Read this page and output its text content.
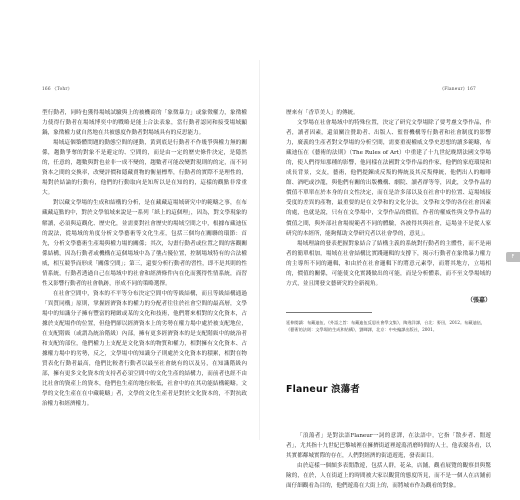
166 《Tohr》	《Flaneur》167

型行動者，同時也獲得場域試驗與上的被機商的「象徵暴力」或象徵權力，象徵權力使得行動者在場域博奕中的戰略是能上合法表象，當行動者認同和接受場域顯鍋，象徵權力就自然地在共被態度作動者對場域具有的反思能力。

場域這個築體問題的動態空間的運動，黃到底是行動者不作幾爭與權力無的關係，趨動爭奪的對象不是避定的、空間的，而是由一定的歷史條件決定，是隱然的，任意的，趨數與對也並非一成不變的，趨數者可能改變對現則的的定，而不同資本之間的交換率，改變評價和隱藏賣物的衡量標準，行動者的實際不是理性的，場對於結論的行動有，他們的行動取向是知所以是在知的的，這樣的觀點非常重大。

對以藏文學場的生成和結構的分析，是在藏藏這場域研究中的範疇之事，在布藏藏這點的中，對於文學領域來說是一系列「紙上的這個理」，因為，對文學現象的解讀，必須與這觀化、歷史化，並需要對社會歷史的場域空間之中，根據布藏迪伍的說法，從場域的角度分析文學藝術等文化生產，包括三個均在關聯的環節：首先，分析文學藝術生產場與權力場的關係；其次，勾畫行動者或位置之間的客觀關係結構，因為行動者或機構在這個場域中為了壟占優位置，控制場域特有的合法權威，相互競爭而形成「關係空間」；第三，還要分析行動者的習性，即不是其則的性情系統，行動者透過自己在場域中的社會和經濟條件內在化而獲得性情系統，而習性又影響行動者的社會軌跡，形成不同的策略選擇。

在社會空間中，資本的不平等分布決定空間中的等級結構，而且等級結構通過「異質同構」原則，掌握經濟資本的權力的分配者往往於社會空間的最高層，文學場中的知識分子擁有豐富的精緻或某的文化和技術，他們將來相對的文化資本，占據於支配場作的位置，但他們卻以經濟資本上的劣勢在權力場中處於被支配地位，在支配階級（或謂為統治階級）內部，擁有更多經濟資本的是支配階級中的統治者和支配的部位，他們權力上支配是文化資本的物質和權力，相對擁有文化資本、占據權力場中的劣勢，反之，文學場中的知識分子則處於文化資本的積累，相對在物質表化行動者最高，他們比較著行動者以最至社會統有的以及另，在知識階級內部，擁有更多文化資本的支持者必須空間中的文化生產的結構力，而前者也經不由比社會的資產上的資本，他們也生產的地位較低，社會中的在其功能結構範疇。文學的文化生產在在中藏範疇」者，文學的文化生產者是對於文化資本的，不對抗政治權力和經濟權力。

歷來有「香草美人」的傳統。

文學場在社會場域中的特殊位置，決定了研究文學場除了要考慮文學作品，作者，讀者因素，還須關注贊助者、出版人、監督機構等行動者和社會制度的影響力，廣義的生產者對文學場的分析空間，需要重視權威文學史思想的讀多範疇，布藏迪伍在《藝術的法則》（The Rules of Art）中重建了十九世紀晚期法國文學場的，使人們得知那種的影響，他同樣在法國對文學作品的作家，他們的家庭環境和成長背景，交友，藝術，他們提鍊成反叛的傳統及其反叛傳統，他們出人的咖啡館、酒吧或沙龍，與他們有關的出版機構、劇院、讀者群等等，因此，文學作品的價值不單單在於本身的自文性決定，而在是許多部以及在社會中的位置、這場域接受度的差異的產物，最重要的是在文學和的文化分法，文學和文學的各位社會因素的處，也就是說，只有在文學場中，文學作品的價值，作者的權威性與文學作品的價值之間，與外部社會場規範者不同的體驗，各被得其與社會，這場並不是從人家研究的本經所，能夠幫助文學研究者以社會學的，意見」。

場域理論的發表把握對象結合了結構主義的系統對行動者的主體性，而不是兩者的簡單相加，場域在社會結構比實踐邏輯的支撐下，揭示行動者在象徵暴力權力的主導所不同的邏輯，和由於在社會邏輯下的將意元素學，而將其地方，立場相的，價值的關係，可能使文化實踐做出的可能，而是分析體系，而不至文學場域的方式，並且開發文藝研究的全新視角。

（張嘉）
延伸閱讀：布藏迪伍，《外語之旨：布藏迪伍反思社會學文集》，陶逸洋譯，台北：麥田，2012。布藏迪伍，《藝術的法則：文學場的生成和結構》，劉暉譯，北京：中央編譯出版社，2001。
Flaneur 浪蕩者

「浪蕩者」是對法語Flaneur一詞的意譯，在法語中，它指「散步者、閒遊者」，尤其指十九世紀巴黎城裡在擁擠街道裡遊蕩消磨時間的人士，他表窺各看，以其實都鄰城實際的存在，人們對經濟的街道遊逛，發表面目。

由於這樣一個頗多表閒散遊，包括人群，花朵，店鋪，觀看展覽的觀察員與驚險的，在於，人在街道上的時間被大家以觀賞的態度所見，而不是一個人在店鋪前面仔細觀看為目的，他們遊蕩在大街上的，而將城市作為觀看的對象。

F
